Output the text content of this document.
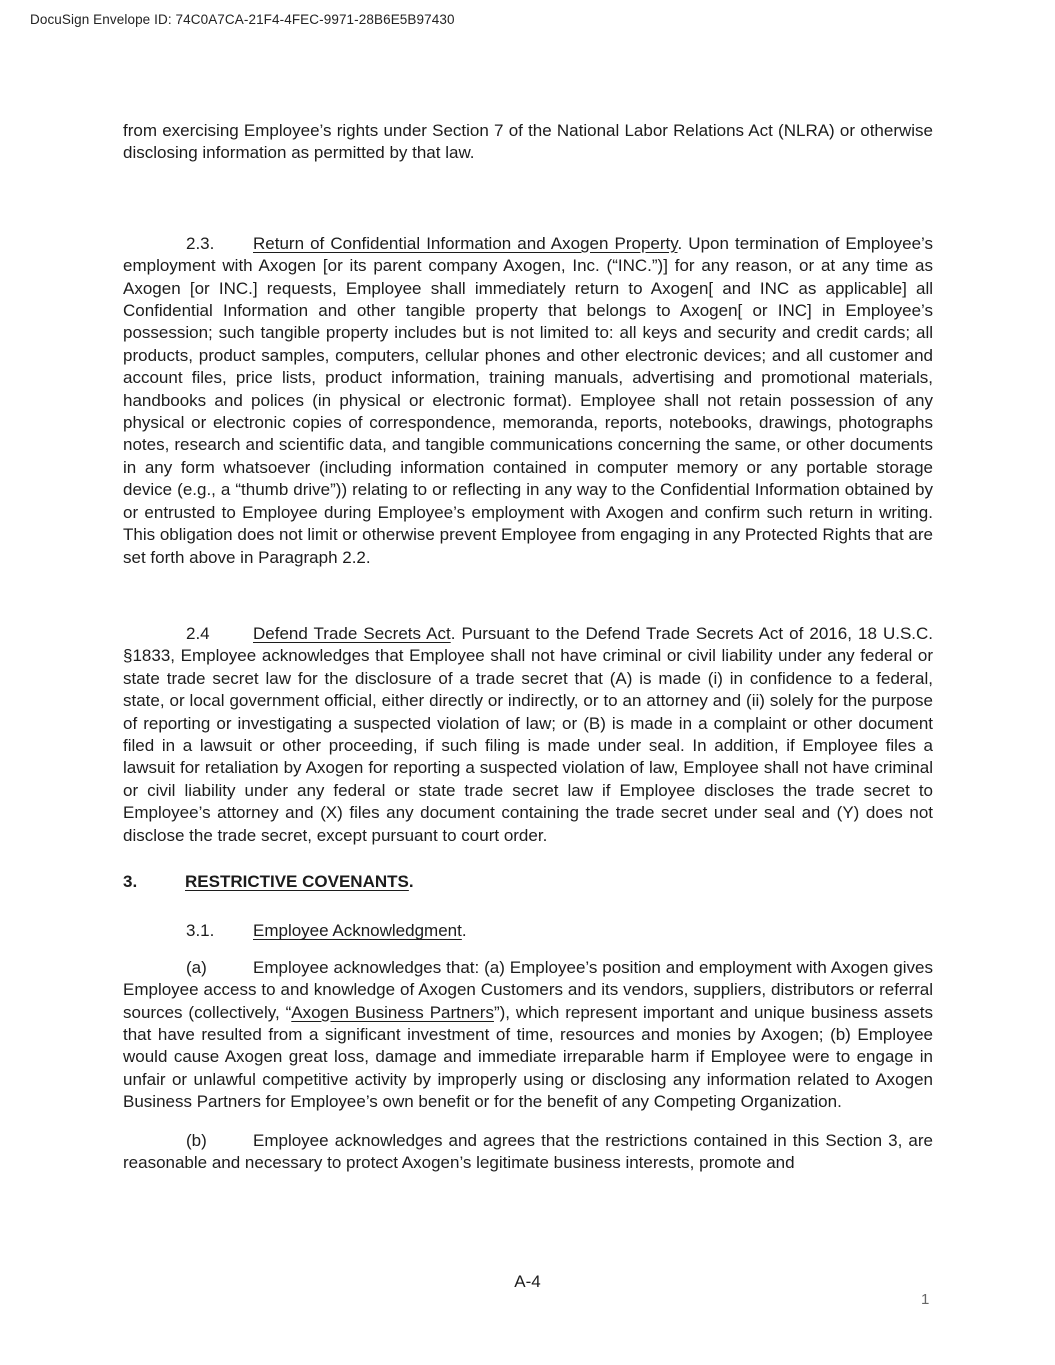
DocuSign Envelope ID: 74C0A7CA-21F4-4FEC-9971-28B6E5B97430

from exercising Employee’s rights under Section 7 of the National Labor Relations Act (NLRA) or otherwise disclosing information as permitted by that law.

2.3. Return of Confidential Information and Axogen Property. Upon termination of Employee’s employment with Axogen [or its parent company Axogen, Inc. (“INC.”)] for any reason, or at any time as Axogen [or INC.] requests, Employee shall immediately return to Axogen[ and INC as applicable] all Confidential Information and other tangible property that belongs to Axogen[ or INC] in Employee’s possession; such tangible property includes but is not limited to: all keys and security and credit cards; all products, product samples, computers, cellular phones and other electronic devices; and all customer and account files, price lists, product information, training manuals, advertising and promotional materials, handbooks and polices (in physical or electronic format). Employee shall not retain possession of any physical or electronic copies of correspondence, memoranda, reports, notebooks, drawings, photographs notes, research and scientific data, and tangible communications concerning the same, or other documents in any form whatsoever (including information contained in computer memory or any portable storage device (e.g., a “thumb drive”)) relating to or reflecting in any way to the Confidential Information obtained by or entrusted to Employee during Employee’s employment with Axogen and confirm such return in writing. This obligation does not limit or otherwise prevent Employee from engaging in any Protected Rights that are set forth above in Paragraph 2.2.

2.4	Defend Trade Secrets Act. Pursuant to the Defend Trade Secrets Act of 2016, 18 U.S.C. §1833, Employee acknowledges that Employee shall not have criminal or civil liability under any federal or state trade secret law for the disclosure of a trade secret that (A) is made (i) in confidence to a federal, state, or local government official, either directly or indirectly, or to an attorney and (ii) solely for the purpose of reporting or investigating a suspected violation of law; or (B) is made in a complaint or other document filed in a lawsuit or other proceeding, if such filing is made under seal. In addition, if Employee files a lawsuit for retaliation by Axogen for reporting a suspected violation of law, Employee shall not have criminal or civil liability under any federal or state trade secret law if Employee discloses the trade secret to Employee’s attorney and (X) files any document containing the trade secret under seal and (Y) does not disclose the trade secret, except pursuant to court order.

3.	RESTRICTIVE COVENANTS.

3.1. Employee Acknowledgment.

(a)	Employee acknowledges that: (a) Employee’s position and employment with Axogen gives Employee access to and knowledge of Axogen Customers and its vendors, suppliers, distributors or referral sources (collectively, “Axogen Business Partners”), which represent important and unique business assets that have resulted from a significant investment of time, resources and monies by Axogen; (b) Employee would cause Axogen great loss, damage and immediate irreparable harm if Employee were to engage in unfair or unlawful competitive activity by improperly using or disclosing any information related to Axogen Business Partners for Employee’s own benefit or for the benefit of any Competing Organization.

(b)	Employee acknowledges and agrees that the restrictions contained in this Section 3, are reasonable and necessary to protect Axogen’s legitimate business interests, promote and

A-4
1
